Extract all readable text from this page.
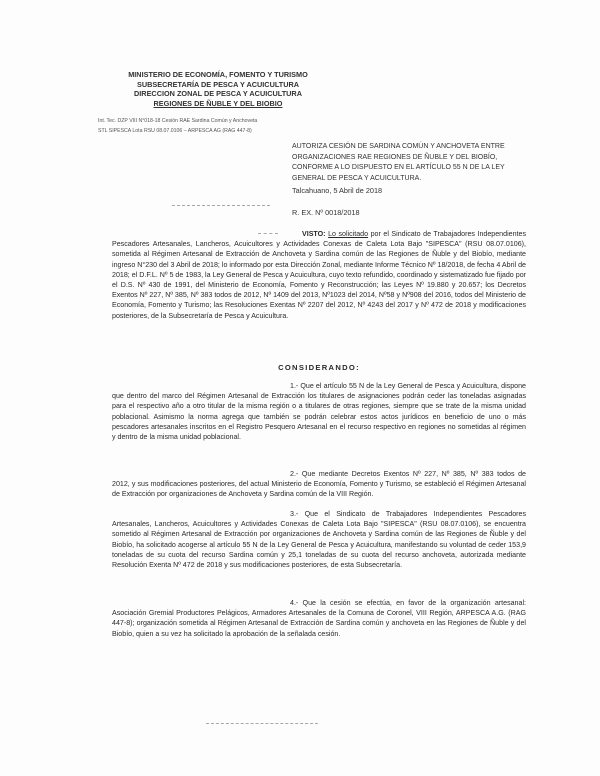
MINISTERIO DE ECONOMÍA, FOMENTO Y TURISMO
SUBSECRETARÍA DE PESCA Y ACUICULTURA
DIRECCION ZONAL DE PESCA Y ACUICULTURA
REGIONES DE ÑUBLE Y DEL BIOBIO
Int. Tec. DZP VIII N°018-18 Cesión RAE Sardina Común y Anchoveta
STL SIPESCA Lota RSU 08.07.0106 – ARPESCA AG (RAG 447-8)
AUTORIZA CESIÓN DE SARDINA COMÚN Y ANCHOVETA ENTRE ORGANIZACIONES RAE REGIONES DE ÑUBLE Y DEL BIOBÍO, CONFORME A LO DISPUESTO EN EL ARTÍCULO 55 N DE LA LEY GENERAL DE PESCA Y ACUICULTURA.
Talcahuano, 5 Abril de 2018
R. EX. Nº 0018/2018
VISTO: Lo solicitado por el Sindicato de Trabajadores Independientes Pescadores Artesanales, Lancheros, Acuicultores y Actividades Conexas de Caleta Lota Bajo "SIPESCA" (RSU 08.07.0106), sometida al Régimen Artesanal de Extracción de Anchoveta y Sardina común de las Regiones de Ñuble y del Biobío, mediante ingreso N°230 del 3 Abril de 2018; lo informado por esta Dirección Zonal, mediante Informe Técnico Nº 18/2018, de fecha 4 Abril de 2018; el D.F.L. Nº 5 de 1983, la Ley General de Pesca y Acuicultura, cuyo texto refundido, coordinado y sistematizado fue fijado por el D.S. Nº 430 de 1991, del Ministerio de Economía, Fomento y Reconstrucción; las Leyes Nº 19.880 y 20.657; los Decretos Exentos Nº 227, Nº 385, Nº 383 todos de 2012, Nº 1409 del 2013, Nº1023 del 2014, Nº58 y Nº908 del 2016, todos del Ministerio de Economía, Fomento y Turismo; las Resoluciones Exentas Nº 2207 del 2012, Nº 4243 del 2017 y Nº 472 de 2018 y modificaciones posteriores, de la Subsecretaría de Pesca y Acuicultura.
CONSIDERANDO:
1.- Que el artículo 55 N de la Ley General de Pesca y Acuicultura, dispone que dentro del marco del Régimen Artesanal de Extracción los titulares de asignaciones podrán ceder las toneladas asignadas para el respectivo año a otro titular de la misma región o a titulares de otras regiones, siempre que se trate de la misma unidad poblacional. Asimismo la norma agrega que también se podrán celebrar estos actos jurídicos en beneficio de uno o más pescadores artesanales inscritos en el Registro Pesquero Artesanal en el recurso respectivo en regiones no sometidas al régimen y dentro de la misma unidad poblacional.
2.- Que mediante Decretos Exentos Nº 227, Nº 385, Nº 383 todos de 2012, y sus modificaciones posteriores, del actual Ministerio de Economía, Fomento y Turismo, se estableció el Régimen Artesanal de Extracción por organizaciones de Anchoveta y Sardina común de la VIII Región.
3.- Que el Sindicato de Trabajadores Independientes Pescadores Artesanales, Lancheros, Acuicultores y Actividades Conexas de Caleta Lota Bajo "SIPESCA" (RSU 08.07.0106), se encuentra sometido al Régimen Artesanal de Extracción por organizaciones de Anchoveta y Sardina común de las Regiones de Ñuble y del Biobío, ha solicitado acogerse al artículo 55 N de la Ley General de Pesca y Acuicultura, manifestando su voluntad de ceder 153,9 toneladas de su cuota del recurso Sardina común y 25,1 toneladas de su cuota del recurso anchoveta, autorizada mediante Resolución Exenta Nº 472 de 2018 y sus modificaciones posteriores, de esta Subsecretaría.
4.- Que la cesión se efectúa, en favor de la organización artesanal: Asociación Gremial Productores Pelágicos, Armadores Artesanales de la Comuna de Coronel, VIII Región, ARPESCA A.G. (RAG 447-8); organización sometida al Régimen Artesanal de Extracción de Sardina común y anchoveta en las Regiones de Ñuble y del Biobío, quien a su vez ha solicitado la aprobación de la señalada cesión.
